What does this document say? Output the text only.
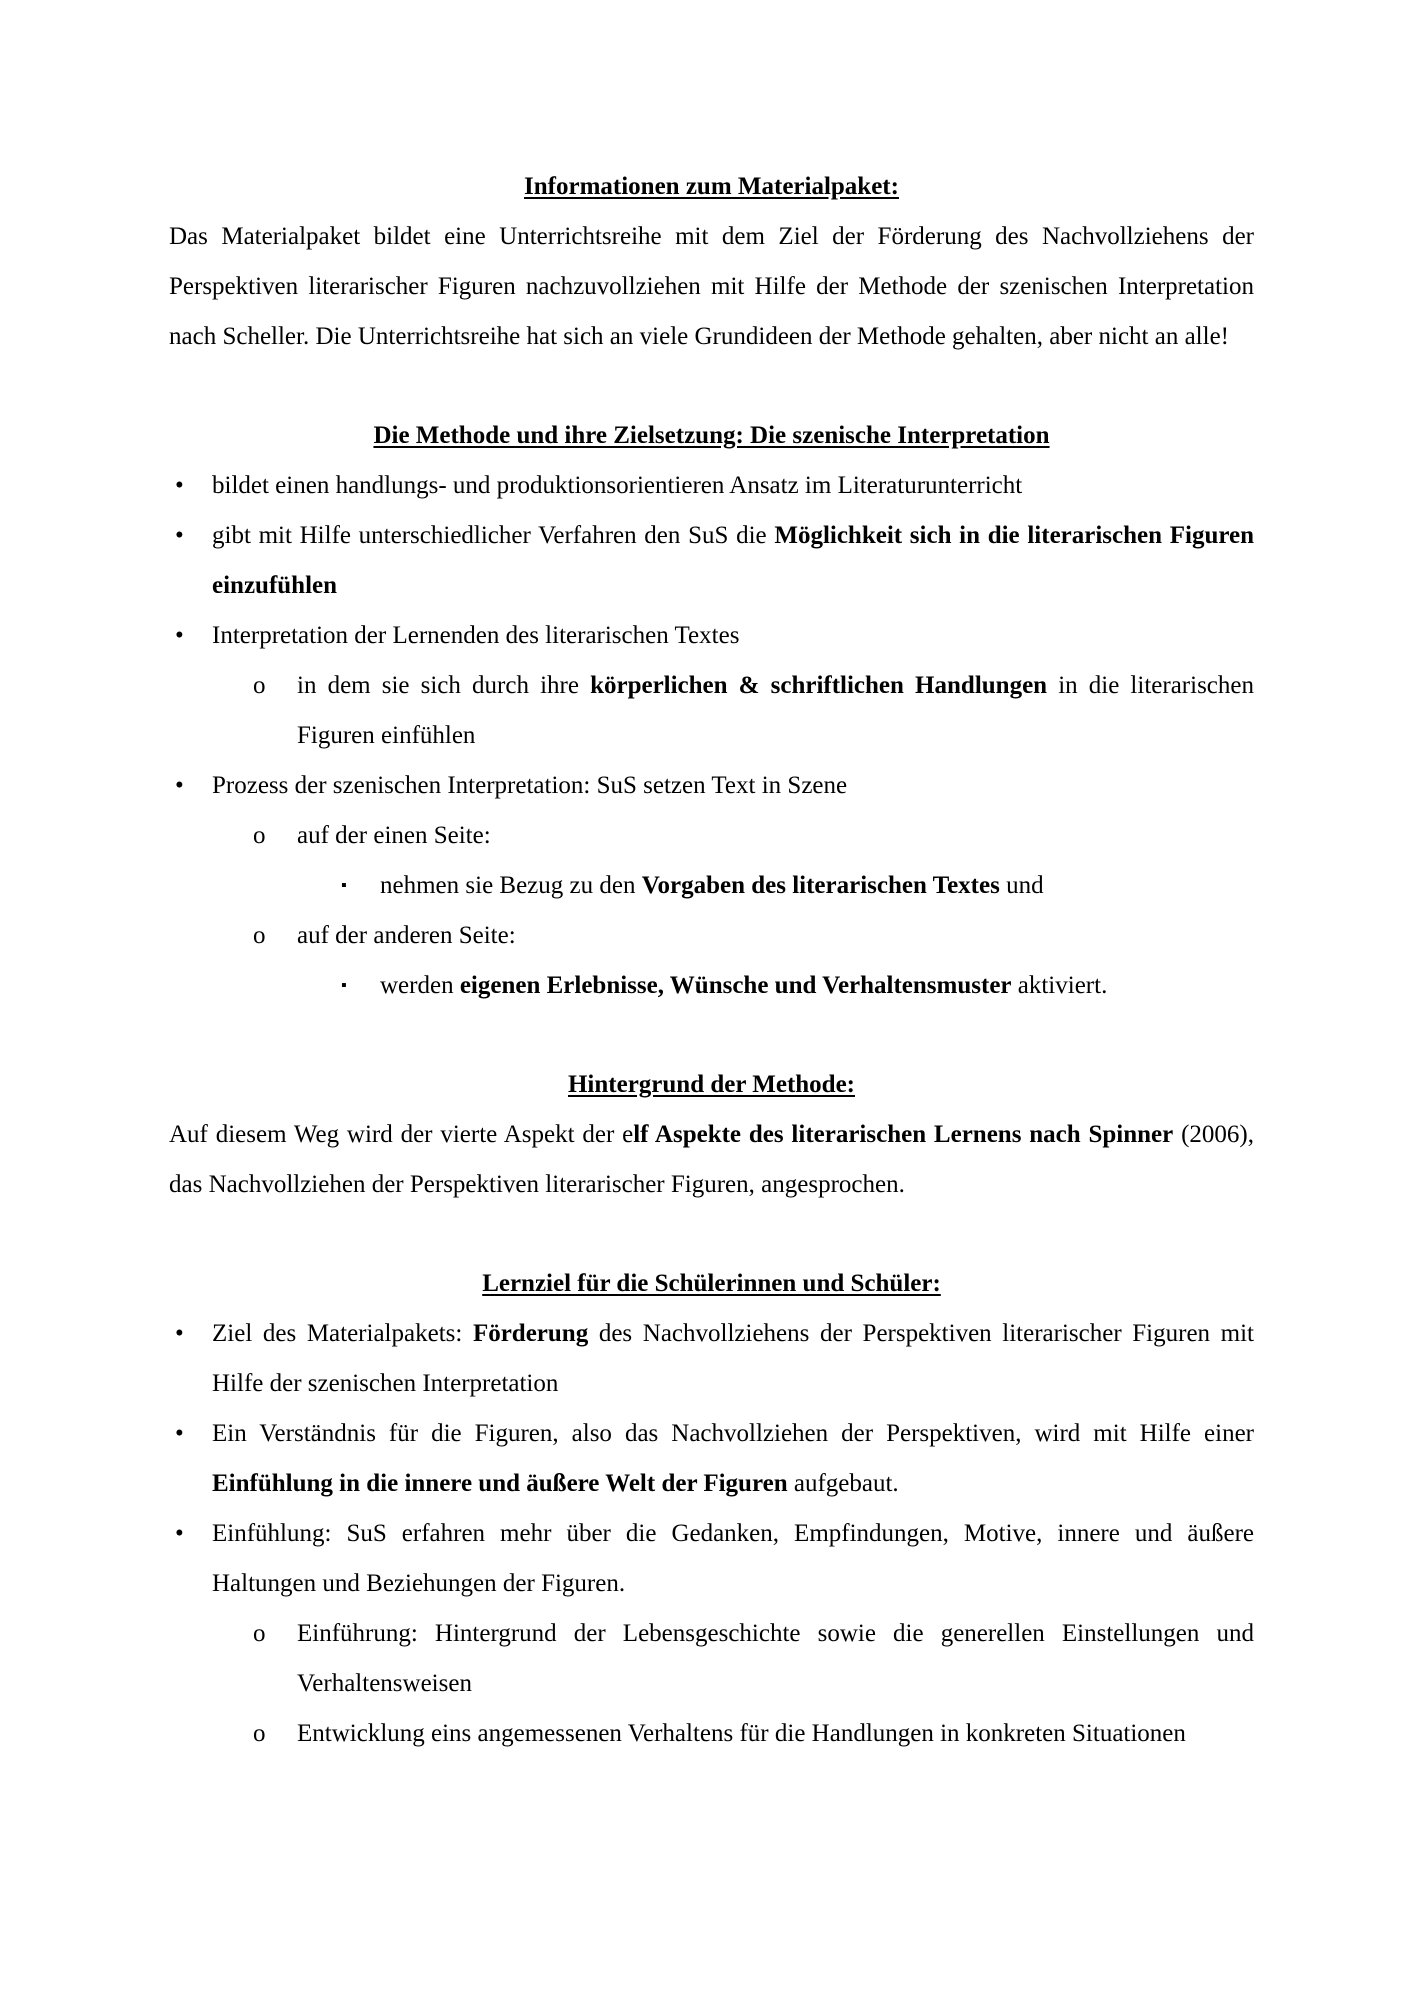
Informationen zum Materialpaket:

Das Materialpaket bildet eine Unterrichtsreihe mit dem Ziel der Förderung des Nachvollziehens der Perspektiven literarischer Figuren nachzuvollziehen mit Hilfe der Methode der szenischen Interpretation nach Scheller. Die Unterrichtsreihe hat sich an viele Grundideen der Methode gehalten, aber nicht an alle!

Die Methode und ihre Zielsetzung: Die szenische Interpretation
• bildet einen handlungs- und produktionsorientieren Ansatz im Literaturunterricht
• gibt mit Hilfe unterschiedlicher Verfahren den SuS die Möglichkeit sich in die literarischen Figuren einzufühlen
• Interpretation der Lernenden des literarischen Textes
o in dem sie sich durch ihre körperlichen & schriftlichen Handlungen in die literarischen Figuren einfühlen
• Prozess der szenischen Interpretation: SuS setzen Text in Szene
o auf der einen Seite:
▪ nehmen sie Bezug zu den Vorgaben des literarischen Textes und
o auf der anderen Seite:
▪ werden eigenen Erlebnisse, Wünsche und Verhaltensmuster aktiviert.
Hintergrund der Methode:

Auf diesem Weg wird der vierte Aspekt der elf Aspekte des literarischen Lernens nach Spinner (2006), das Nachvollziehen der Perspektiven literarischer Figuren, angesprochen.

Lernziel für die Schülerinnen und Schüler:
• Ziel des Materialpakets: Förderung des Nachvollziehens der Perspektiven literarischer Figuren mit Hilfe der szenischen Interpretation
• Ein Verständnis für die Figuren, also das Nachvollziehen der Perspektiven, wird mit Hilfe einer Einfühlung in die innere und äußere Welt der Figuren aufgebaut.
• Einfühlung: SuS erfahren mehr über die Gedanken, Empfindungen, Motive, innere und äußere Haltungen und Beziehungen der Figuren.
o Einführung: Hintergrund der Lebensgeschichte sowie die generellen Einstellungen und Verhaltensweisen
o Entwicklung eins angemessenen Verhaltens für die Handlungen in konkreten Situationen
